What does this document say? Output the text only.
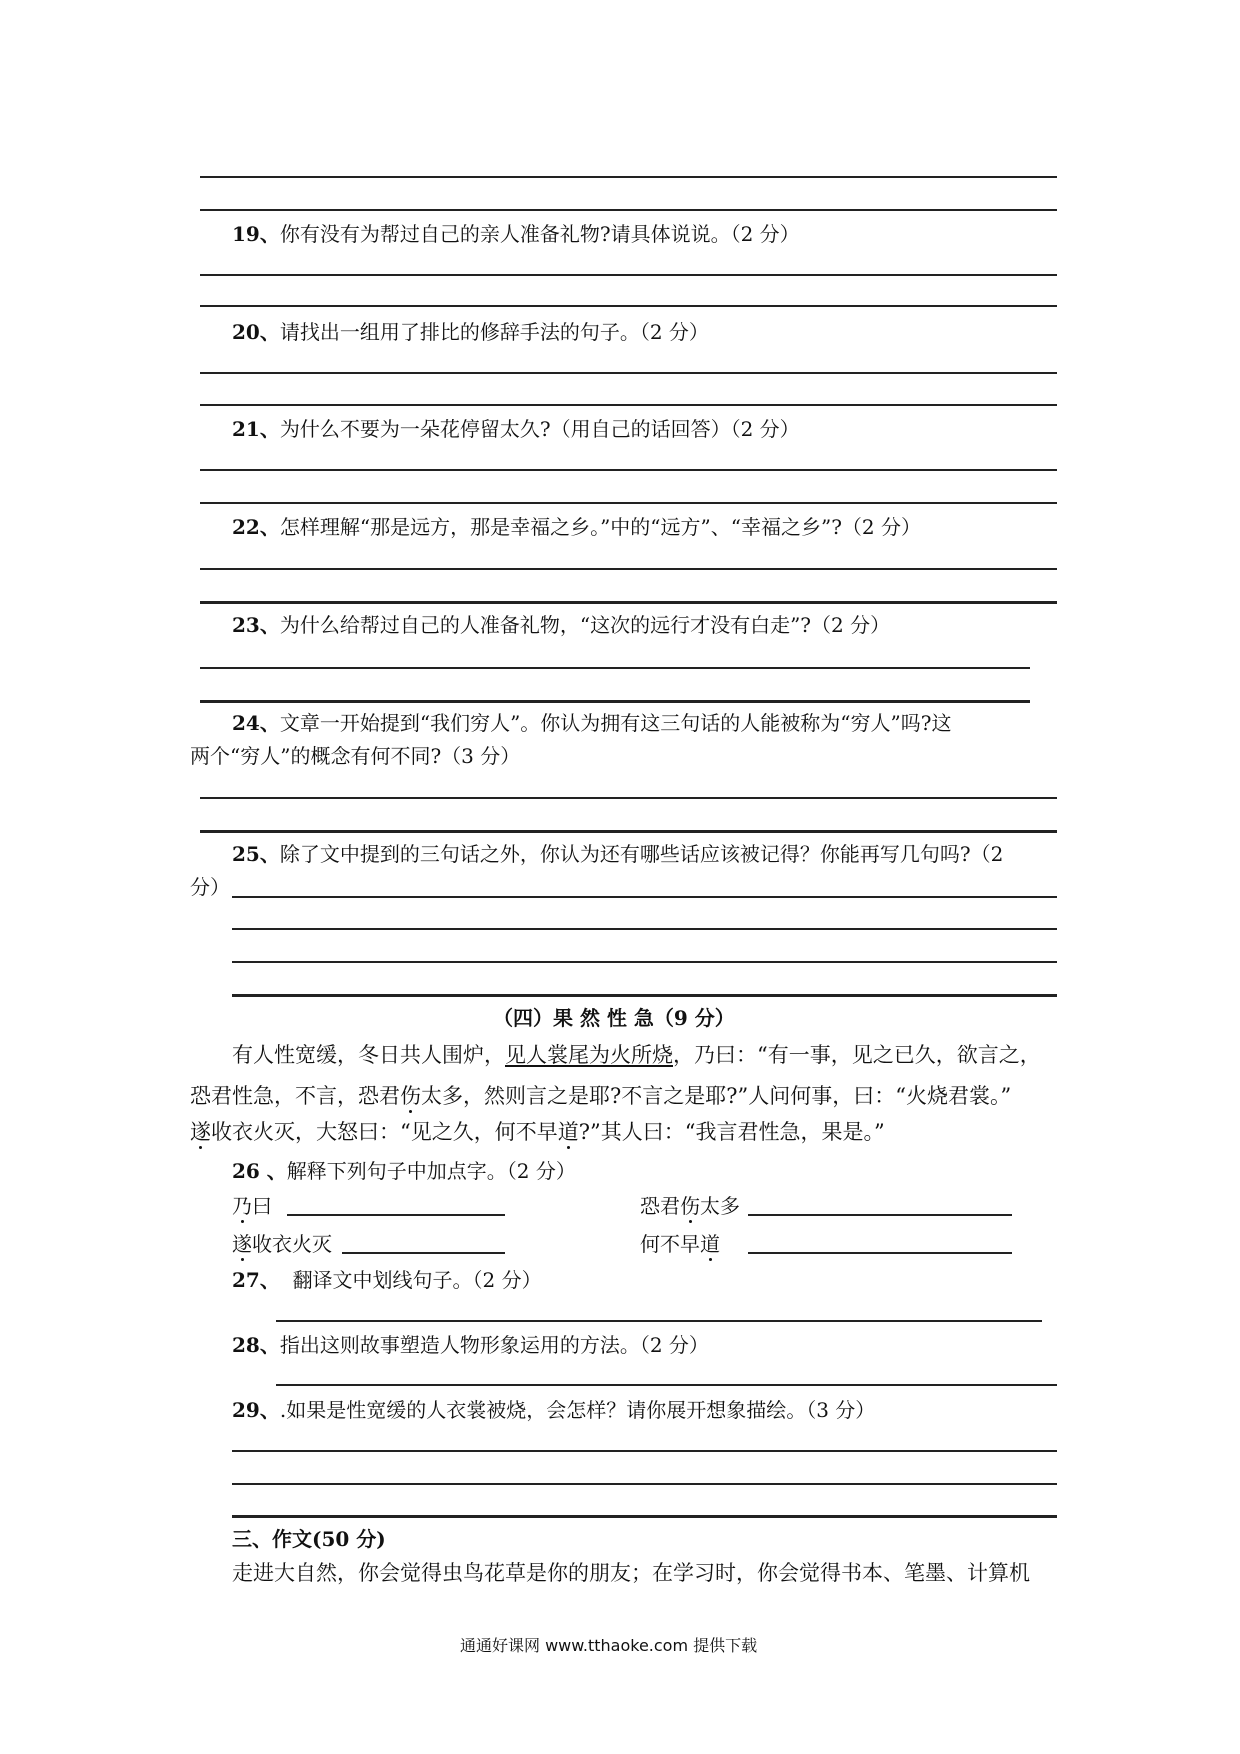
19、你有没有为帮过自己的亲人准备礼物?请具体说说。（2 分）
20、请找出一组用了排比的修辞手法的句子。（2 分）
21、为什么不要为一朵花停留太久?（用自己的话回答）（2 分）
22、怎样理解“那是远方，那是幸福之乡。”中的“远方”、“幸福之乡”?（2 分）
23、为什么给帮过自己的人准备礼物，“这次的远行才没有白走”?（2 分）
24、文章一开始提到“我们穷人”。你认为拥有这三句话的人能被称为“穷人”吗?这
两个“穷人”的概念有何不同?（3 分）
25、除了文中提到的三句话之外，你认为还有哪些话应该被记得？你能再写几句吗?（2
分）
（四）果 然 性 急（9 分）
有人性宽缓，冬日共人围炉，见人裳尾为火所烧，乃曰：“有一事，见之已久，欲言之，
恐君性急，不言，恐君伤太多，然则言之是耶?不言之是耶?”人问何事，曰：“火烧君裳。”
遂收衣火灭，大怒曰：“见之久，何不早道?”其人曰：“我言君性急，果是。”
26 、解释下列句子中加点字。（2 分）
乃曰	恐君伤太多
遂收衣火灭	何不早道
27、 翻译文中划线句子。（2 分）
28、指出这则故事塑造人物形象运用的方法。（2 分）
29、.如果是性宽缓的人衣裳被烧，会怎样？请你展开想象描绘。（3 分）
三、作文(50 分)
走进大自然，你会觉得虫鸟花草是你的朋友；在学习时，你会觉得书本、笔墨、计算机
通通好课网 www.tthaoke.com 提供下载
